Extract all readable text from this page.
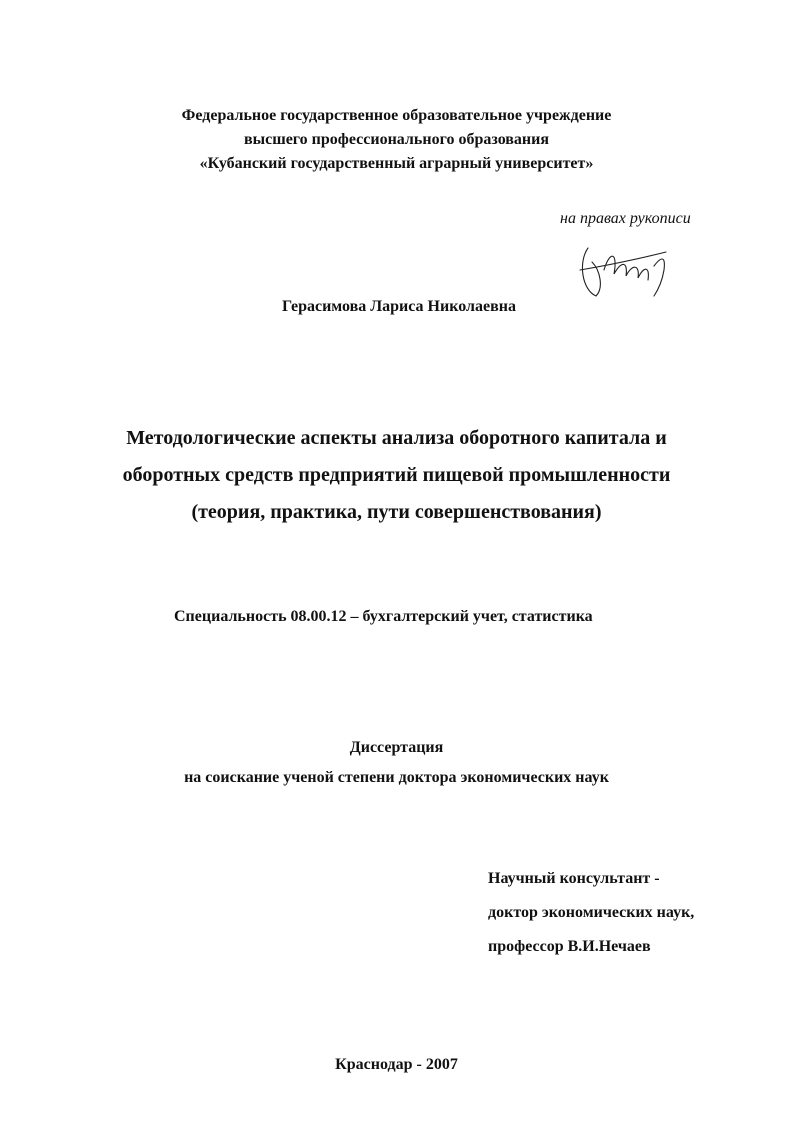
Федеральное государственное образовательное учреждение
высшего профессионального образования
«Кубанский государственный аграрный университет»
на правах рукописи
Герасимова Лариса Николаевна
Методологические аспекты анализа оборотного капитала и
оборотных средств предприятий пищевой промышленности
(теория, практика, пути совершенствования)
Специальность 08.00.12 – бухгалтерский учет, статистика
Диссертация
на соискание ученой степени доктора экономических наук
Научный консультант -
доктор экономических наук,
профессор В.И.Нечаев
Краснодар - 2007
